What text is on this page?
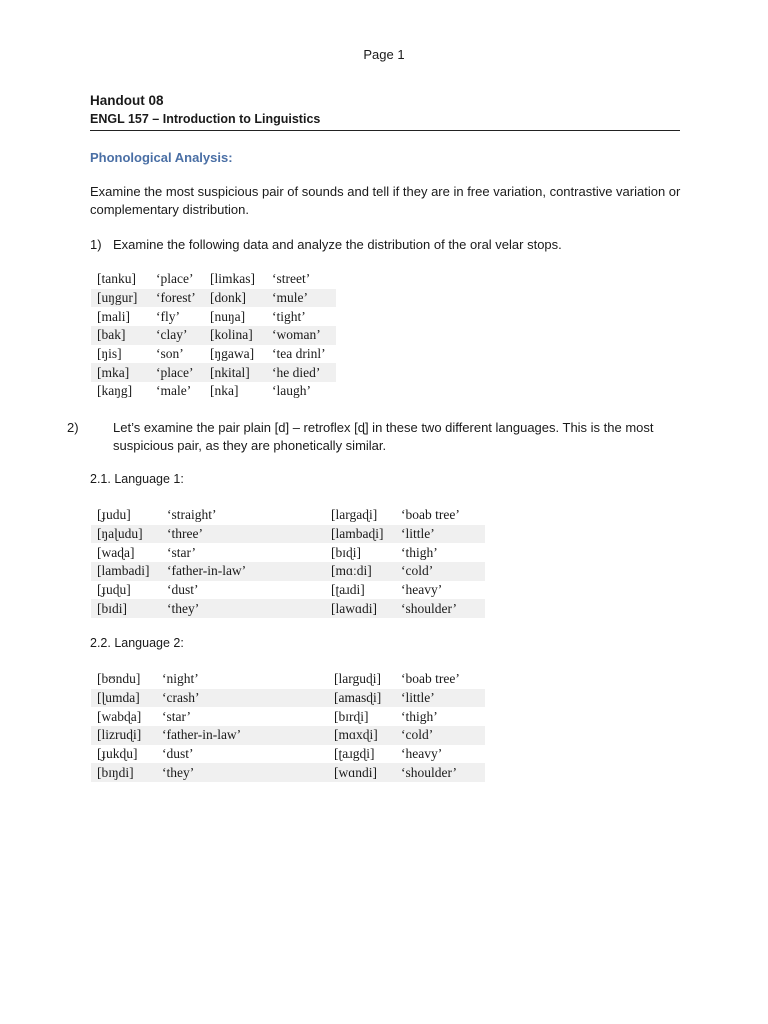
Page 1
Handout 08
ENGL 157 – Introduction to Linguistics
Phonological Analysis:
Examine the most suspicious pair of sounds and tell if they are in free variation, contrastive variation or complementary distribution.
1) Examine the following data and analyze the distribution of the oral velar stops.
[tanku]	‘place’	[limkas]	‘street’
[uŋgur]	‘forest’	[donk]	‘mule’
[mali]	‘fly’	[nuŋa]	‘tight’
[bak]	‘clay’	[kolina]	‘woman’
[ŋis]	‘son’	[ŋgawa]	‘tea drinl’
[mka]	‘place’	[nkital]	‘he died’
[kaŋg]	‘male’	[nka]	‘laugh’
2)	Let’s examine the pair plain [d] – retroflex [ɖ] in these two different languages. This is the most suspicious pair, as they are phonetically similar.
2.1. Language 1:
[ɟudu]	‘straight’	[largaɖi]	‘boab tree’
[ŋaɭudu]	‘three’	[lambaɖi]	‘little’
[waɖa]	‘star’	[bɪɖi]	‘thigh’
[lambadi]	‘father-in-law’	[mɑːdi]	‘cold’
[ɟuɖu]	‘dust’	[ʈaɹdi]	‘heavy’
[bɪdi]	‘they’	[lawɑdi]	‘shoulder’
2.2. Language 2:
[bʊndu]	‘night’	[larguɖi]	‘boab tree’
[ɭumda]	‘crash’	[amasɖi]	‘little’
[wabɖa]	‘star’	[bɪrɖi]	‘thigh’
[lizruɖi]	‘father-in-law’	[mɑxɖi]	‘cold’
[ɟukɖu]	‘dust’	[ʈaɹgɖi]	‘heavy’
[bɪŋdi]	‘they’	[wɑndi]	‘shoulder’
